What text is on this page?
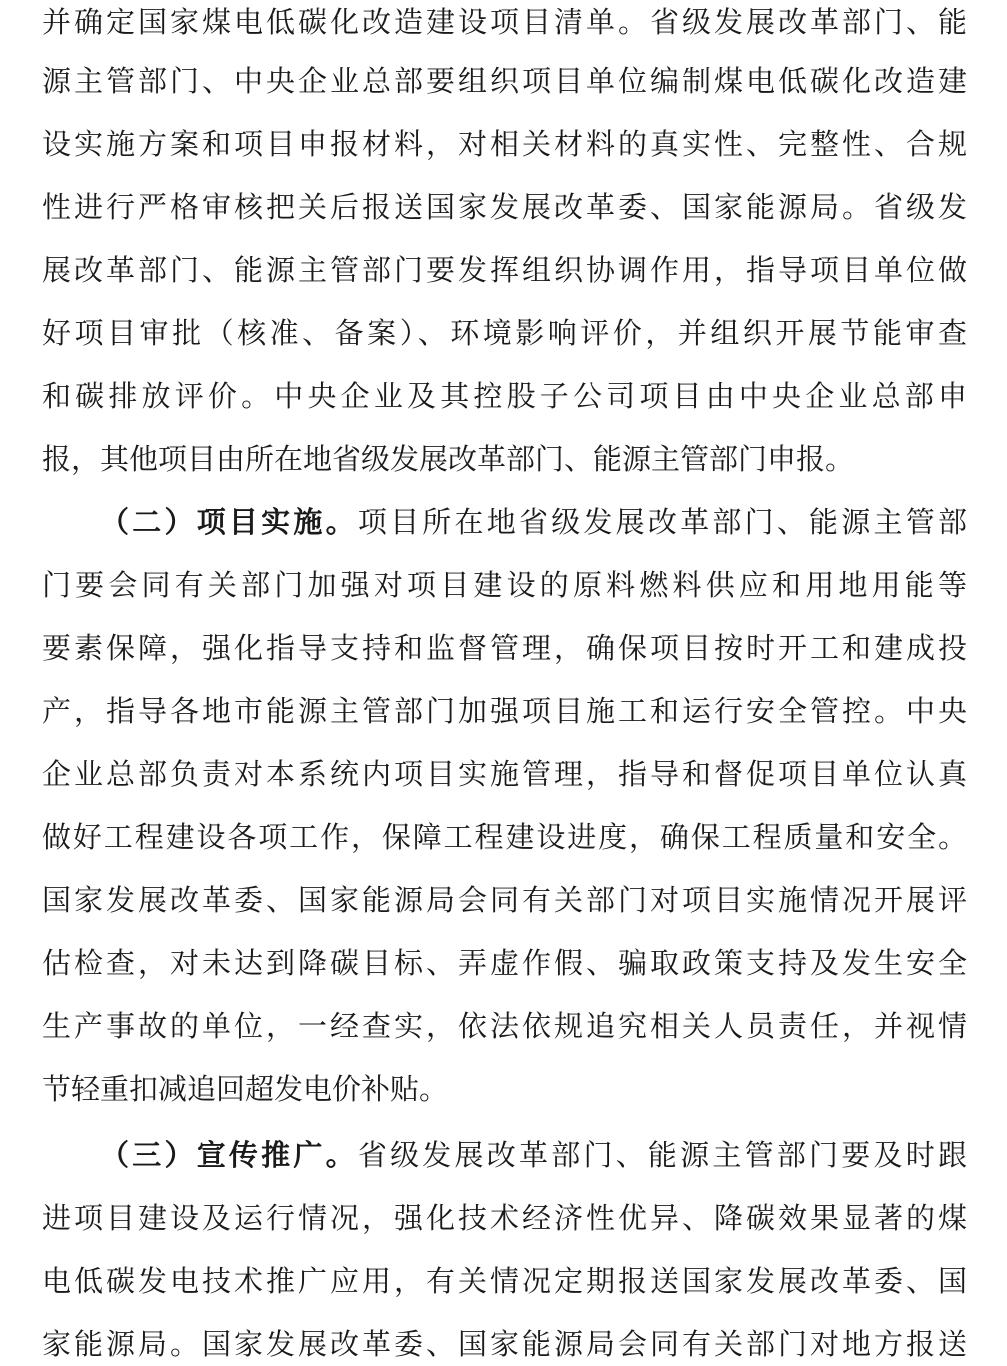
并确定国家煤电低碳化改造建设项目清单。省级发展改革部门、能
源主管部门、中央企业总部要组织项目单位编制煤电低碳化改造建
设实施方案和项目申报材料，对相关材料的真实性、完整性、合规
性进行严格审核把关后报送国家发展改革委、国家能源局。省级发
展改革部门、能源主管部门要发挥组织协调作用，指导项目单位做
好项目审批（核准、备案）、环境影响评价，并组织开展节能审查
和碳排放评价。中央企业及其控股子公司项目由中央企业总部申
报，其他项目由所在地省级发展改革部门、能源主管部门申报。
（二）项目实施。项目所在地省级发展改革部门、能源主管部
门要会同有关部门加强对项目建设的原料燃料供应和用地用能等
要素保障，强化指导支持和监督管理，确保项目按时开工和建成投
产，指导各地市能源主管部门加强项目施工和运行安全管控。中央
企业总部负责对本系统内项目实施管理，指导和督促项目单位认真
做好工程建设各项工作，保障工程建设进度，确保工程质量和安全。
国家发展改革委、国家能源局会同有关部门对项目实施情况开展评
估检查，对未达到降碳目标、弄虚作假、骗取政策支持及发生安全
生产事故的单位，一经查实，依法依规追究相关人员责任，并视情
节轻重扣减追回超发电价补贴。
（三）宣传推广。省级发展改革部门、能源主管部门要及时跟
进项目建设及运行情况，强化技术经济性优异、降碳效果显著的煤
电低碳发电技术推广应用，有关情况定期报送国家发展改革委、国
家能源局。国家发展改革委、国家能源局会同有关部门对地方报送
